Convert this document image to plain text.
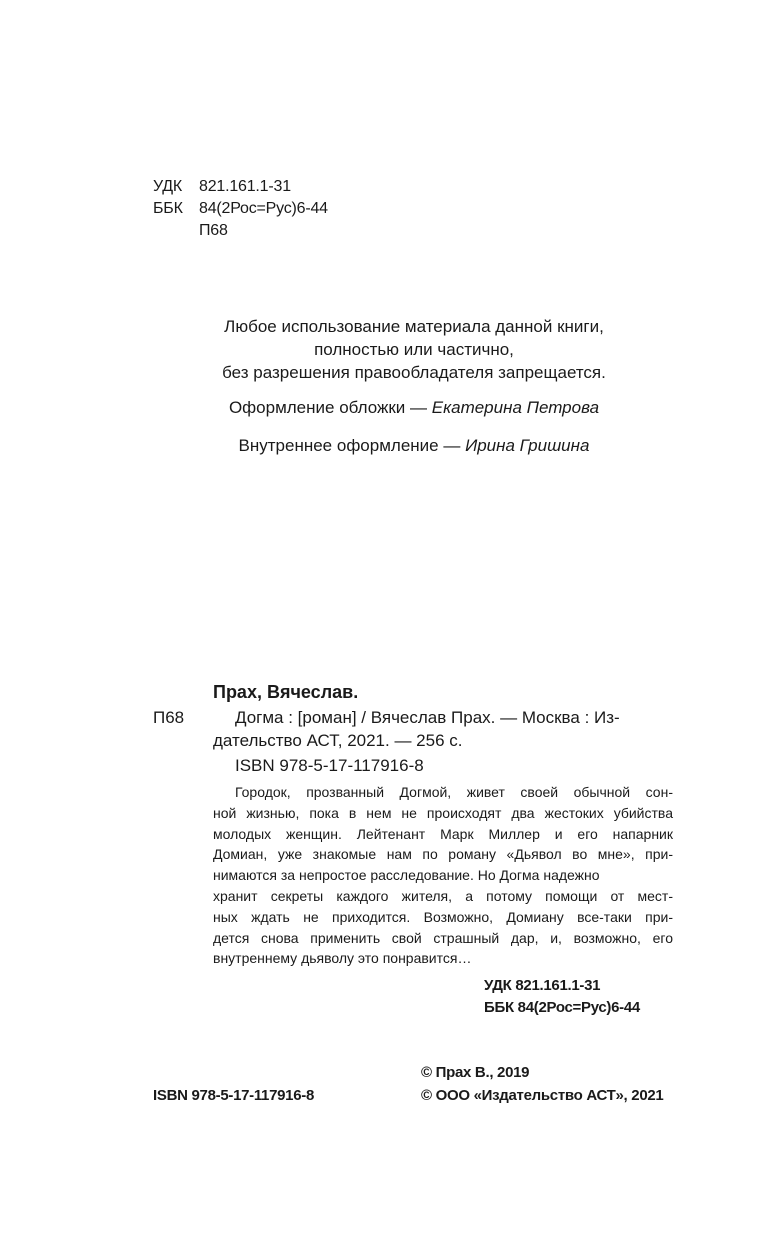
УДК 821.161.1-31
ББК 84(2Рос=Рус)6-44
П68
Любое использование материала данной книги,
полностью или частично,
без разрешения правообладателя запрещается.
Оформление обложки — Екатерина Петрова
Внутреннее оформление — Ирина Гришина
Прах, Вячеслав.
П68	Догма : [роман] / Вячеслав Прах. — Москва : Из-
дательство АСТ, 2021. — 256 с.
ISBN 978-5-17-117916-8
Городок, прозванный Догмой, живет своей обычной сон-
ной жизнью, пока в нем не происходят два жестоких убийства
молодых женщин. Лейтенант Марк Миллер и его напарник
Домиан, уже знакомые нам по роману «Дьявол во мне», при-
нимаются за непростое расследование. Но Догма надежно
хранит секреты каждого жителя, а потому помощи от мест-
ных ждать не приходится. Возможно, Домиану все-таки при-
дется снова применить свой страшный дар, и, возможно, его
внутреннему дьяволу это понравится…
УДК 821.161.1-31
ББК 84(2Рос=Рус)6-44
ISBN 978-5-17-117916-8
© Прах В., 2019
© ООО «Издательство АСТ», 2021
